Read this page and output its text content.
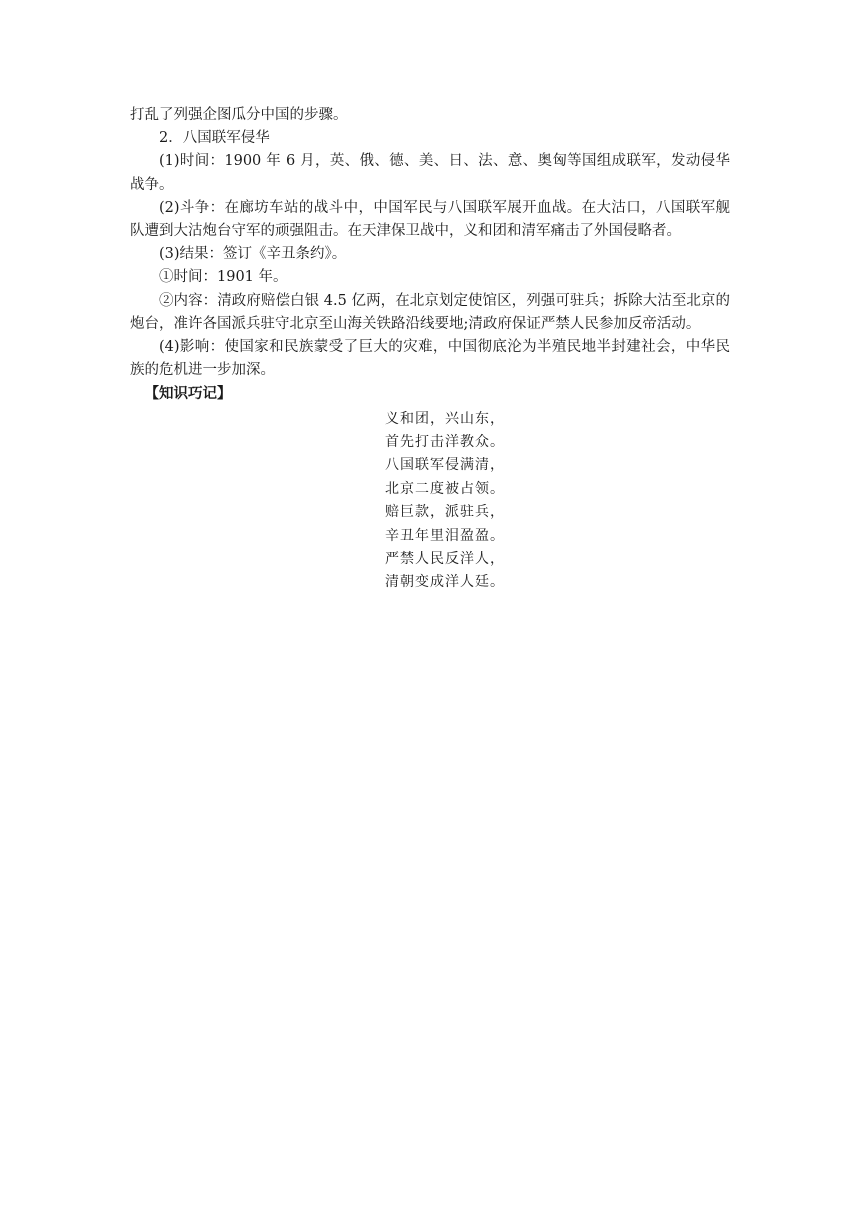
打乱了列强企图瓜分中国的步骤。

2．八国联军侵华

(1)时间：1900 年 6 月，英、俄、德、美、日、法、意、奥匈等国组成联军，发动侵华战争。

(2)斗争：在廊坊车站的战斗中，中国军民与八国联军展开血战。在大沽口，八国联军舰队遭到大沽炮台守军的顽强阻击。在天津保卫战中，义和团和清军痛击了外国侵略者。

(3)结果：签订《辛丑条约》。

①时间：1901 年。

②内容：清政府赔偿白银 4.5 亿两，在北京划定使馆区，列强可驻兵；拆除大沽至北京的炮台，准许各国派兵驻守北京至山海关铁路沿线要地;清政府保证严禁人民参加反帝活动。

(4)影响：使国家和民族蒙受了巨大的灾难，中国彻底沦为半殖民地半封建社会，中华民族的危机进一步加深。

【知识巧记】

义和团，兴山东，
首先打击洋教众。
八国联军侵满清，
北京二度被占领。
赔巨款，派驻兵，
辛丑年里泪盈盈。
严禁人民反洋人，
清朝变成洋人廷。
